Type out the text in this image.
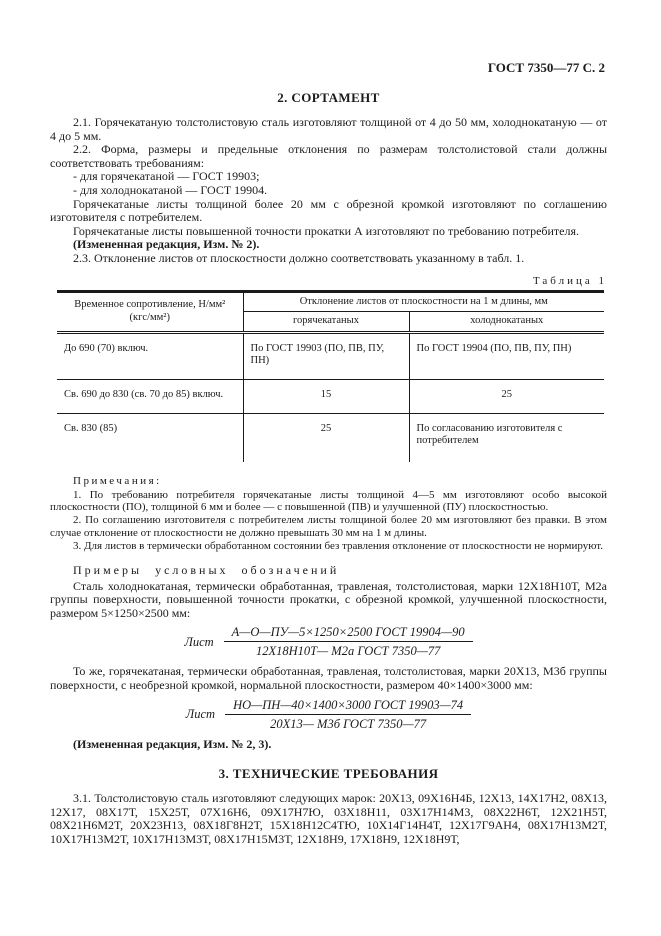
ГОСТ 7350—77 С. 2
2. СОРТАМЕНТ

2.1. Горячекатаную толстолистовую сталь изготовляют толщиной от 4 до 50 мм, холоднокатаную — от 4 до 5 мм.

2.2. Форма, размеры и предельные отклонения по размерам толстолистовой стали должны соответствовать требованиям:

- для горячекатаной — ГОСТ 19903;

- для холоднокатаной — ГОСТ 19904.

Горячекатаные листы толщиной более 20 мм с обрезной кромкой изготовляют по соглашению изготовителя с потребителем.

Горячекатаные листы повышенной точности прокатки А изготовляют по требованию потребителя.

(Измененная редакция, Изм. № 2).

2.3. Отклонение листов от плоскостности должно соответствовать указанному в табл. 1.

Таблица 1
Временное сопротивление, Н/мм²
(кгс/мм²)	Отклонение листов от плоскостности на 1 м длины, мм	
	горячекатаных	холоднокатаных
До 690 (70) включ.	По ГОСТ 19903 (ПО, ПВ, ПУ, ПН)	По ГОСТ 19904 (ПО, ПВ, ПУ, ПН)
Св. 690 до 830 (св. 70 до 85) включ.	15	25
Св. 830 (85)	25	По согласованию изготовителя с потребителем
Примечания:

1. По требованию потребителя горячекатаные листы толщиной 4—5 мм изготовляют особо высокой плоскостности (ПО), толщиной 6 мм и более — с повышенной (ПВ) и улучшенной (ПУ) плоскостностью.

2. По соглашению изготовителя с потребителем листы толщиной более 20 мм изготовляют без правки. В этом случае отклонение от плоскостности не должно превышать 30 мм на 1 м длины.

3. Для листов в термически обработанном состоянии без травления отклонение от плоскостности не нормируют.

Примеры условных обозначений

Сталь холоднокатаная, термически обработанная, травленая, толстолистовая, марки 12Х18Н10Т, М2а группы поверхности, повышенной точности прокатки, с обрезной кромкой, улучшенной плоскостности, размером 5×1250×2500 мм:

Лист $\frac{\text{А—О—ПУ—5×1250×2500 ГОСТ 19904—90}}{\text{12Х18Н10Т— М2а ГОСТ 7350—77}}$

То же, горячекатаная, термически обработанная, травленая, толстолистовая, марки 20Х13, М3б группы поверхности, с необрезной кромкой, нормальной плоскостности, размером 40×1400×3000 мм:

Лист $\frac{\text{НО—ПН—40×1400×3000 ГОСТ 19903—74}}{\text{20Х13— М3б ГОСТ 7350—77}}$

(Измененная редакция, Изм. № 2, 3).

3. ТЕХНИЧЕСКИЕ ТРЕБОВАНИЯ

3.1. Толстолистовую сталь изготовляют следующих марок: 20Х13, 09Х16Н4Б, 12Х13, 14Х17Н2, 08Х13, 12Х17, 08Х17Т, 15Х25Т, 07Х16Н6, 09Х17Н7Ю, 03Х18Н11, 03Х17Н14М3, 08Х22Н6Т, 12Х21Н5Т, 08Х21Н6М2Т, 20Х23Н13, 08Х18Г8Н2Т, 15Х18Н12С4ТЮ, 10Х14Г14Н4Т, 12Х17Г9АН4, 08Х17Н13М2Т, 10Х17Н13М2Т, 10Х17Н13М3Т, 08Х17Н15М3Т, 12Х18Н9, 17Х18Н9, 12Х18Н9Т,
